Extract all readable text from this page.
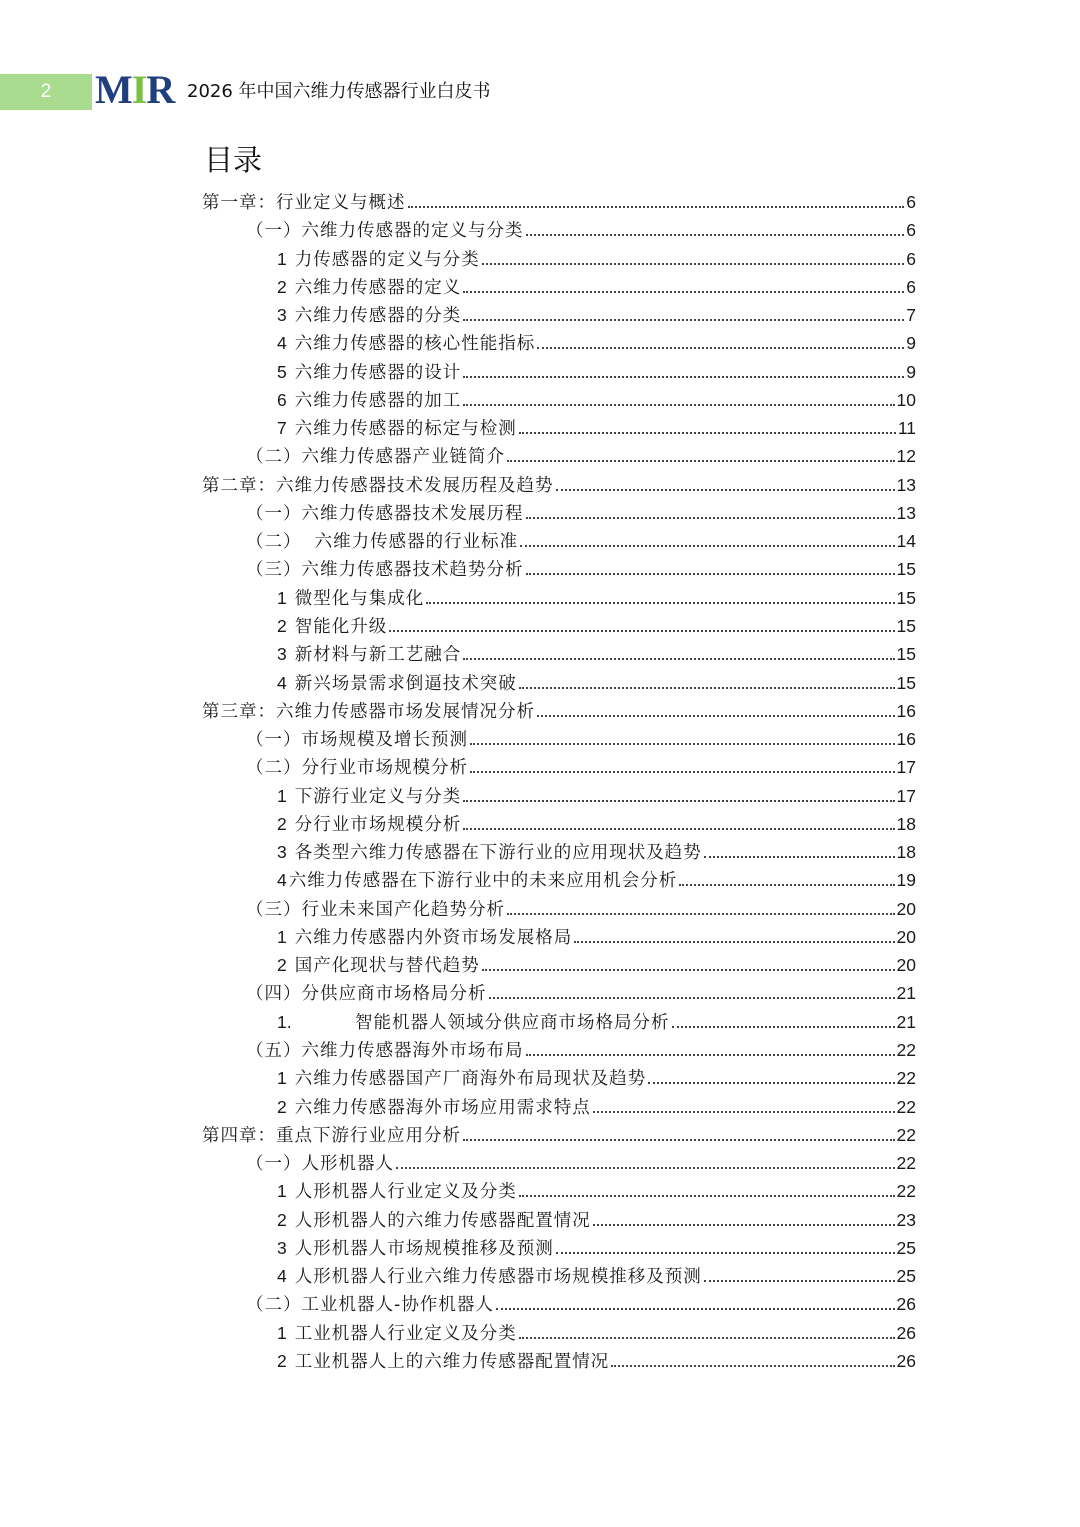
2	MIR 2026 年中国六维力传感器行业白皮书
目录
第一章：行业定义与概述	6
（一）六维力传感器的定义与分类	6
1 力传感器的定义与分类	6
2 六维力传感器的定义	6
3 六维力传感器的分类	7
4 六维力传感器的核心性能指标	9
5 六维力传感器的设计	9
6 六维力传感器的加工	10
7 六维力传感器的标定与检测	11
（二）六维力传感器产业链简介	12
第二章：六维力传感器技术发展历程及趋势	13
（一）六维力传感器技术发展历程	13
（二）  六维力传感器的行业标准	14
（三）六维力传感器技术趋势分析	15
1 微型化与集成化	15
2 智能化升级	15
3 新材料与新工艺融合	15
4 新兴场景需求倒逼技术突破	15
第三章：六维力传感器市场发展情况分析	16
（一）市场规模及增长预测	16
（二）分行业市场规模分析	17
1 下游行业定义与分类	17
2 分行业市场规模分析	18
3 各类型六维力传感器在下游行业的应用现状及趋势	18
4 六维力传感器在下游行业中的未来应用机会分析	19
（三）行业未来国产化趋势分析	20
1 六维力传感器内外资市场发展格局	20
2 国产化现状与替代趋势	20
（四）分供应商市场格局分析	21
1.	智能机器人领域分供应商市场格局分析	21
（五）六维力传感器海外市场布局	22
1 六维力传感器国产厂商海外布局现状及趋势	22
2 六维力传感器海外市场应用需求特点	22
第四章：重点下游行业应用分析	22
（一）人形机器人	22
1 人形机器人行业定义及分类	22
2 人形机器人的六维力传感器配置情况	23
3 人形机器人市场规模推移及预测	25
4 人形机器人行业六维力传感器市场规模推移及预测	25
（二）工业机器人-协作机器人	26
1 工业机器人行业定义及分类	26
2 工业机器人上的六维力传感器配置情况	26
